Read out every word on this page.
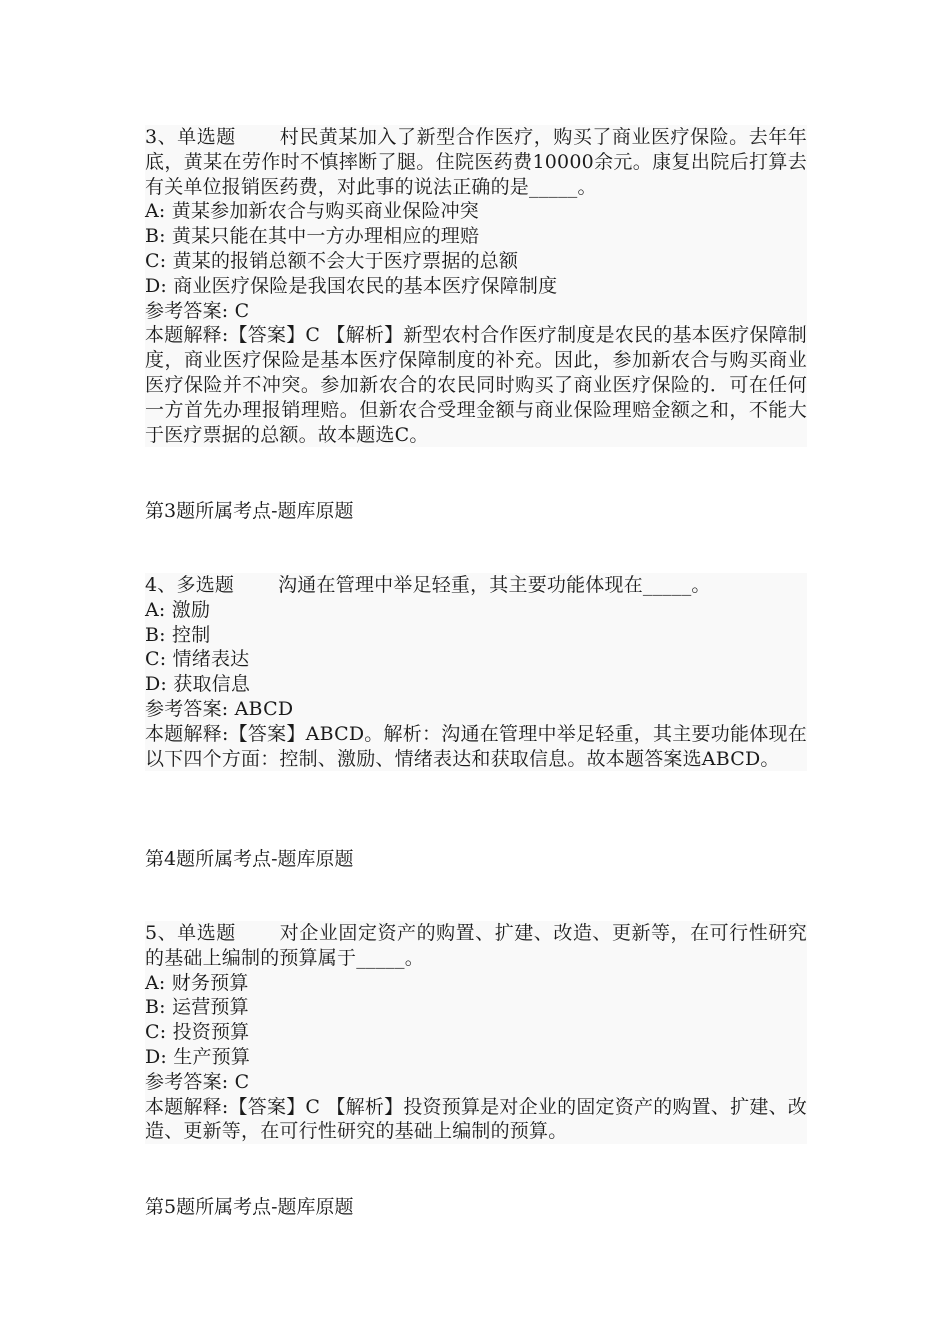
3、单选题 村民黄某加入了新型合作医疗，购买了商业医疗保险。去年年底，黄某在劳作时不慎摔断了腿。住院医药费10000余元。康复出院后打算去有关单位报销医药费，对此事的说法正确的是_____。
A: 黄某参加新农合与购买商业保险冲突
B: 黄某只能在其中一方办理相应的理赔
C: 黄某的报销总额不会大于医疗票据的总额
D: 商业医疗保险是我国农民的基本医疗保障制度
参考答案: C
本题解释:【答案】C 【解析】新型农村合作医疗制度是农民的基本医疗保障制度，商业医疗保险是基本医疗保障制度的补充。因此，参加新农合与购买商业医疗保险并不冲突。参加新农合的农民同时购买了商业医疗保险的．可在任何一方首先办理报销理赔。但新农合受理金额与商业保险理赔金额之和，不能大于医疗票据的总额。故本题选C。
第3题所属考点-题库原题
4、多选题 沟通在管理中举足轻重，其主要功能体现在_____。
A: 激励
B: 控制
C: 情绪表达
D: 获取信息
参考答案: ABCD
本题解释:【答案】ABCD。解析：沟通在管理中举足轻重，其主要功能体现在以下四个方面：控制、激励、情绪表达和获取信息。故本题答案选ABCD。
第4题所属考点-题库原题
5、单选题 对企业固定资产的购置、扩建、改造、更新等，在可行性研究的基础上编制的预算属于_____。
A: 财务预算
B: 运营预算
C: 投资预算
D: 生产预算
参考答案: C
本题解释:【答案】C 【解析】投资预算是对企业的固定资产的购置、扩建、改造、更新等，在可行性研究的基础上编制的预算。
第5题所属考点-题库原题
